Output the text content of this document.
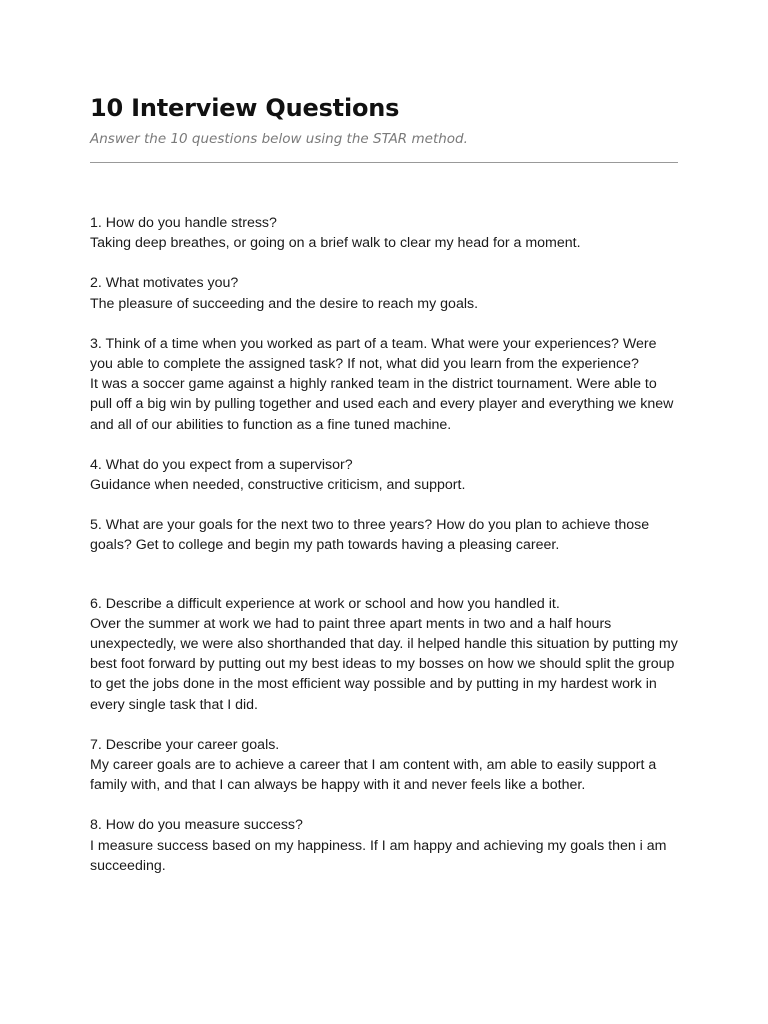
10 Interview Questions

Answer the 10 questions below using the STAR method.

1. How do you handle stress?

Taking deep breathes, or going on a brief walk to clear my head for a moment.

2. What motivates you?

The pleasure of succeeding and the desire to reach my goals.

3. Think of a time when you worked as part of a team. What were your experiences? Were you able to complete the assigned task? If not, what did you learn from the experience?

It was a soccer game against a highly ranked team in the district tournament. Were able to pull off a big win by pulling together and used each and every player and everything we knew and all of our abilities to function as a fine tuned machine.

4. What do you expect from a supervisor?

Guidance when needed, constructive criticism, and support.

5. What are your goals for the next two to three years? How do you plan to achieve those goals? Get to college and begin my path towards having a pleasing career.

6. Describe a difficult experience at work or school and how you handled it.

Over the summer at work we had to paint three apart ments in two and a half hours unexpectedly, we were also shorthanded that day. il helped handle this situation by putting my best foot forward by putting out my best ideas to my bosses on how we should split the group to get the jobs done in the most efficient way possible and by putting in my hardest work in every single task that I did.

7. Describe your career goals.

My career goals are to achieve a career that I am content with, am able to easily support a family with, and that I can always be happy with it and never feels like a bother.

8. How do you measure success?

I measure success based on my happiness. If I am happy and achieving my goals then i am succeeding.
